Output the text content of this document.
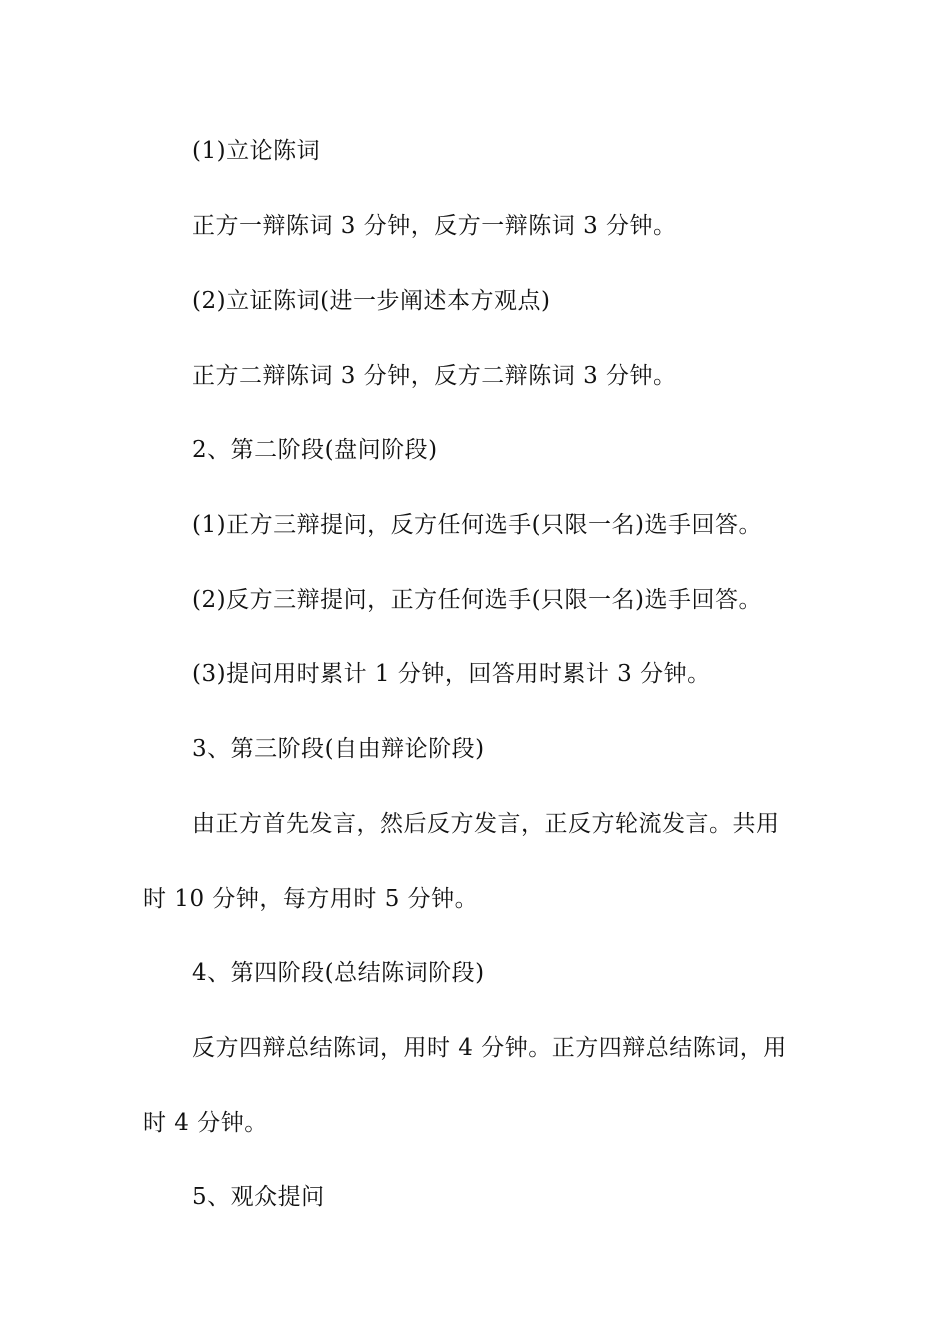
(1)立论陈词
正方一辩陈词 3 分钟，反方一辩陈词 3 分钟。
(2)立证陈词(进一步阐述本方观点)
正方二辩陈词 3 分钟，反方二辩陈词 3 分钟。
2、第二阶段(盘问阶段)
(1)正方三辩提问，反方任何选手(只限一名)选手回答。
(2)反方三辩提问，正方任何选手(只限一名)选手回答。
(3)提问用时累计 1 分钟，回答用时累计 3 分钟。
3、第三阶段(自由辩论阶段)
由正方首先发言，然后反方发言，正反方轮流发言。共用
时 10 分钟，每方用时 5 分钟。
4、第四阶段(总结陈词阶段)
反方四辩总结陈词，用时 4 分钟。正方四辩总结陈词，用
时 4 分钟。
5、观众提问
